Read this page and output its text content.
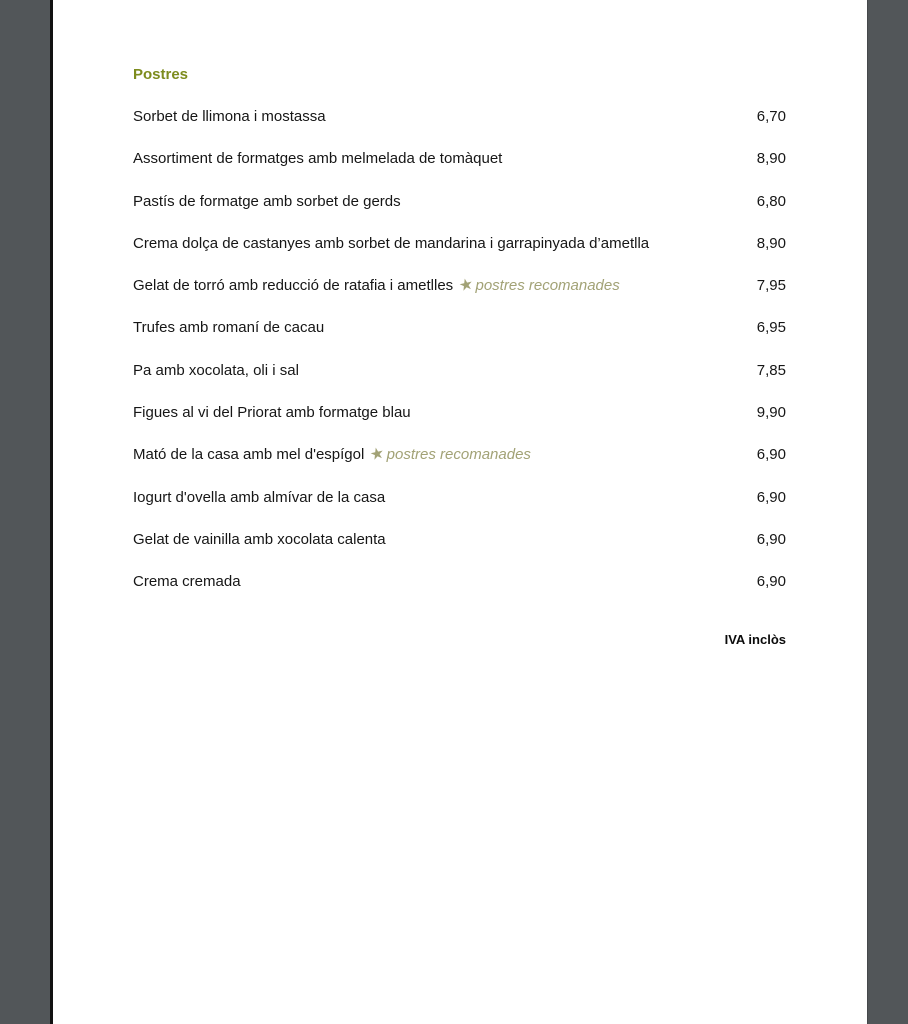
Postres
Sorbet de llimona i mostassa	6,70
Assortiment de formatges amb melmelada de tomàquet	8,90
Pastís de formatge amb sorbet de gerds	6,80
Crema dolça de castanyes amb sorbet de mandarina i garrapinyada d’ametlla	8,90
Gelat de torró amb reducció de ratafia i ametlles ★postres recomanades	7,95
Trufes amb romaní de cacau	6,95
Pa amb xocolata, oli i sal	7,85
Figues al vi del Priorat amb formatge blau	9,90
Mató de la casa amb mel d'espígol ★postres recomanades	6,90
Iogurt d'ovella amb almívar de la casa	6,90
Gelat de vainilla amb xocolata calenta	6,90
Crema cremada	6,90
IVA inclòs
